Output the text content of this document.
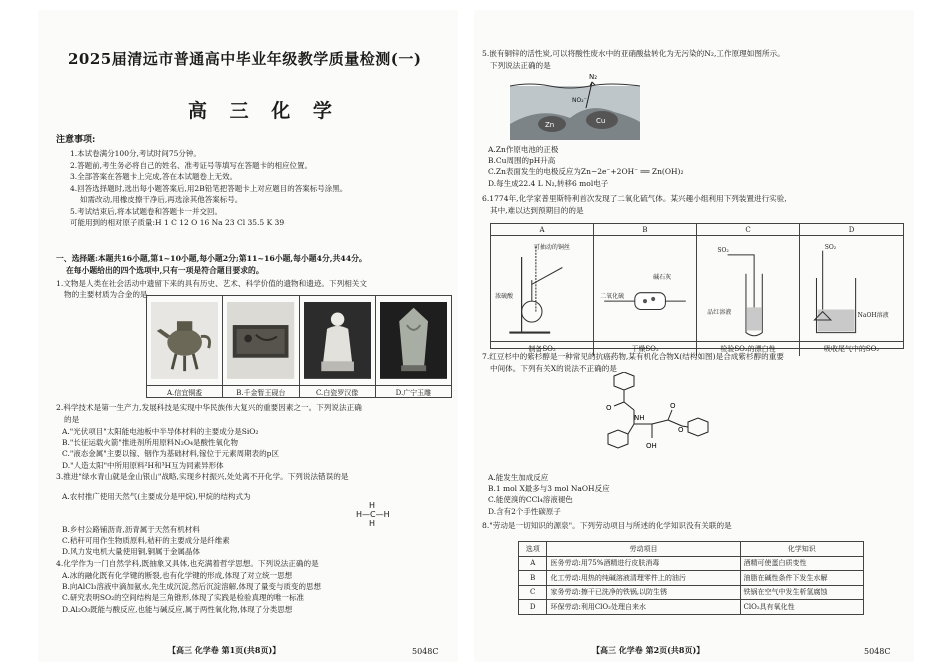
2025届清远市普通高中毕业年级教学质量检测(一)
高 三 化 学
注意事项:
1.本试卷满分100分,考试时间75分钟。
2.答题前,考生务必将自己的姓名、准考证号等填写在答题卡的相应位置。
3.全部答案在答题卡上完成,答在本试题卷上无效。
4.回答选择题时,选出每小题答案后,用2B铅笔把答题卡上对应题目的答案标号涂黑。
如需改动,用橡皮擦干净后,再选涂其他答案标号。
5.考试结束后,将本试题卷和答题卡一并交回。
可能用到的相对原子质量:H 1 C 12 O 16 Na 23 Cl 35.5 K 39
一、选择题:本题共16小题,第1~10小题,每小题2分;第11~16小题,每小题4分,共44分。
在每小题给出的四个选项中,只有一项是符合题目要求的。
1.文物是人类在社会活动中遗留下来的具有历史、艺术、科学价值的遗物和遗迹。下列相关文
物的主要材质为合金的是
A.信宜铜盉	B.千金暂王砚台	C.白瓷罗汉像	D.广宁玉雕
2.科学技术是第一生产力,发展科技是实现中华民族伟大复兴的重要因素之一。下列说法正确
的是
A."光伏项目"太阳能电池板中半导体材料的主要成分是SiO₂
B."长征运载火箭"推进剂所用原料N₂O₄是酸性氧化物
C."液态金属"主要以镓、铟作为基础材料,镓位于元素周期表的p区
D."人造太阳"中所用原料²H和³H互为同素异形体
3.推进"绿水青山就是金山银山"战略,实现乡村振兴,处处离不开化学。下列说法错误的是
A.农村推广使用天然气(主要成分是甲烷),甲烷的结构式为
H
H—C—H
H
B.乡村公路铺沥青,沥青属于天然有机材料
C.秸秆可用作生物质原料,秸秆的主要成分是纤维素
D.风力发电机大量使用铜,铜属于金属晶体
4.化学作为一门自然学科,既抽象又具体,也充满着哲学思想。下列说法正确的是
A.冰的融化既有化学键的断裂,也有化学键的形成,体现了对立统一思想
B.向AlCl₃溶液中滴加氨水,先生成沉淀,然后沉淀溶解,体现了量变与质变的思想
C.研究表明SO₂的空间结构是三角锥形,体现了实践是检验真理的唯一标准
D.Al₂O₃既能与酸反应,也能与碱反应,属于两性氧化物,体现了分类思想
【高三 化学卷 第1页(共8页)】	5048C
5.嵌有铜锌的活性炭,可以将酸性废水中的亚硝酸盐转化为无污染的N₂,工作原理如图所示。
下列说法正确的是
N₂
NO₂⁻
Zn	Cu
A.Zn作原电池的正极
B.Cu周围的pH升高
C.Zn表面发生的电极反应为Zn−2e⁻+2OH⁻ ══ Zn(OH)₂
D.每生成22.4 L N₂,转移6 mol电子
6.1774年,化学家普里斯特利首次发现了二氧化硫气体。某兴趣小组利用下列装置进行实验,
其中,难以达到预期目的的是
A	B	C	D
可抽动的铜丝
浓硫酸	二氧化硫
碱石灰
SO₂
品红溶液
SO₂
NaOH溶液
制备SO₂	干燥SO₂	检验SO₂的漂白性	吸收尾气中的SO₂
7.红豆杉中的紫杉醇是一种常见的抗癌药物,某有机化合物X(结构如图)是合成紫杉醇的重要
中间体。下列有关X的说法不正确的是
O
NH
OH
O
O
A.能发生加成反应
B.1 mol X最多与3 mol NaOH反应
C.能使溴的CCl₄溶液褪色
D.含有2个手性碳原子
8."劳动是一切知识的源泉"。下列劳动项目与所述的化学知识没有关联的是
选项	劳动项目	化学知识
A	医务劳动:用75%酒精进行皮肤消毒	酒精可使蛋白质变性
B	化工劳动:用热的纯碱溶液清理零件上的油污	油脂在碱性条件下发生水解
C	家务劳动:擦干已洗净的铁锅,以防生锈	铁锅在空气中发生析氢腐蚀
D	环保劳动:利用ClO₂处理自来水	ClO₂具有氧化性
【高三 化学卷 第2页(共8页)】	5048C
